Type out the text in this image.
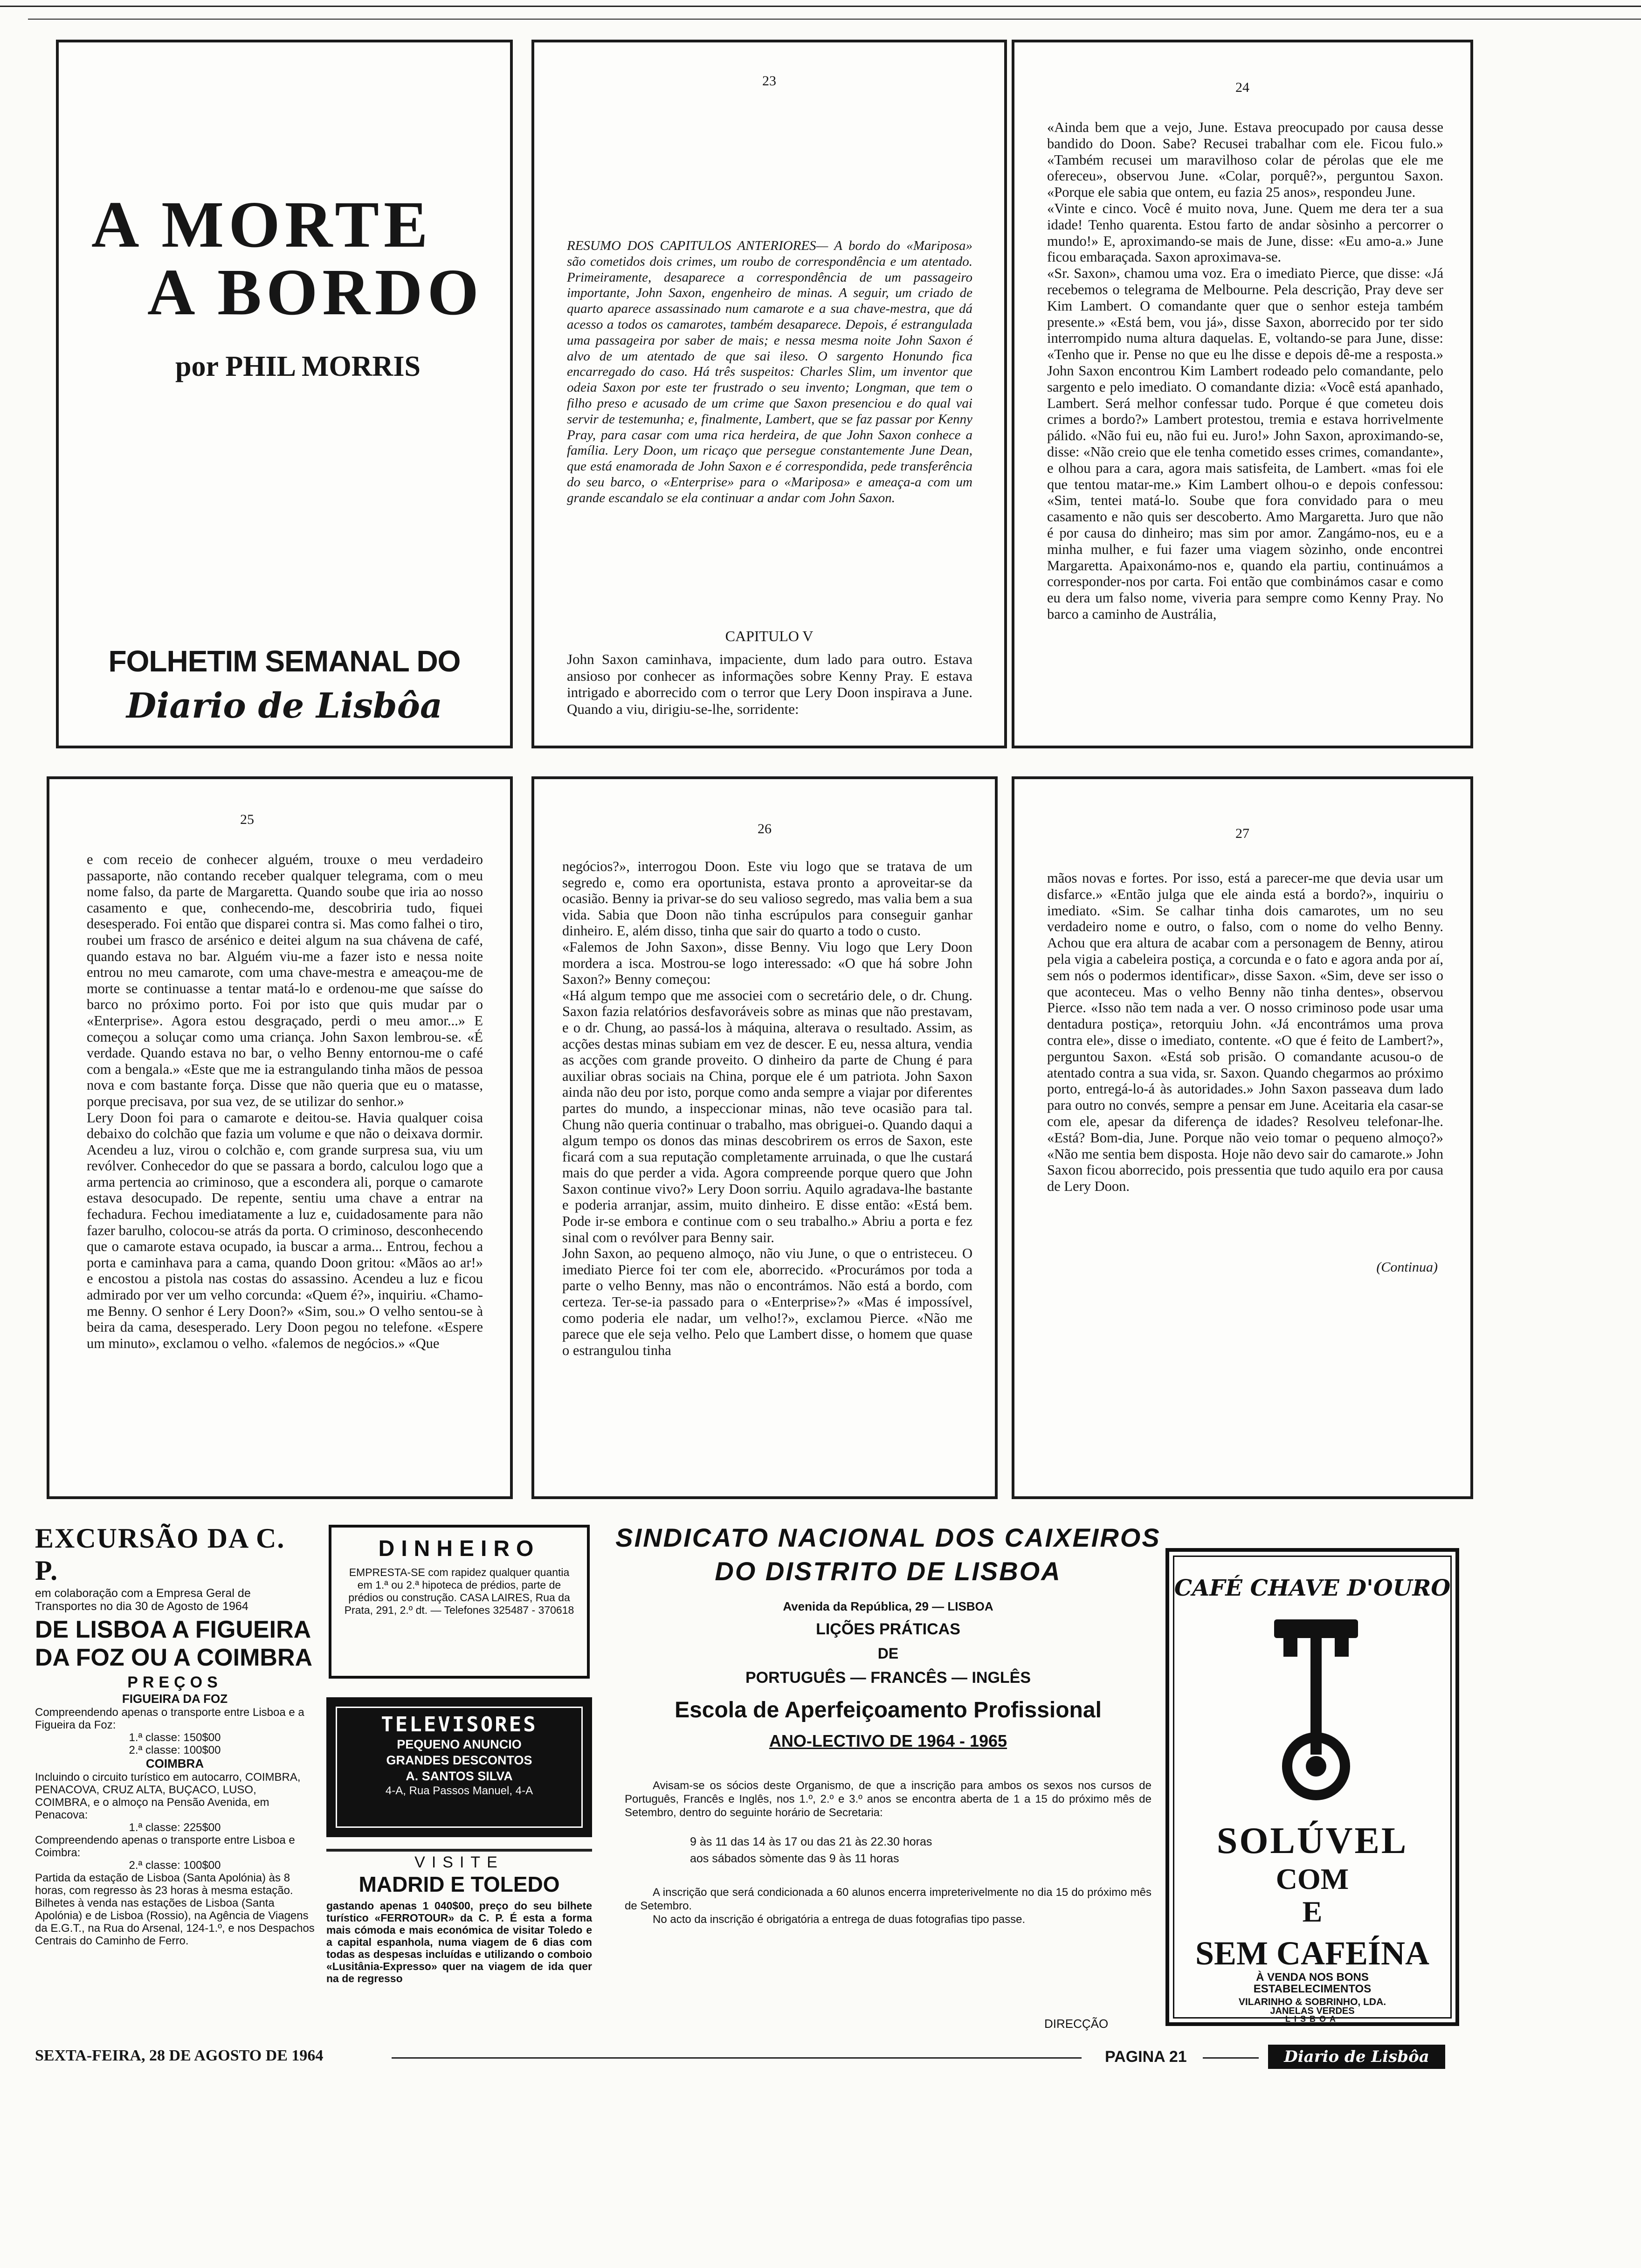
A MORTE
A BORDO
por PHIL MORRIS
FOLHETIM SEMANAL DO
Diario de Lisbôa
23
RESUMO DOS CAPITULOS ANTERIORES— A bordo do «Mariposa» são cometidos dois crimes, um roubo de correspondência e um atentado. Primeiramente, desaparece a correspondência de um passageiro importante, John Saxon, engenheiro de minas. A seguir, um criado de quarto aparece assassinado num camarote e a sua chave-mestra, que dá acesso a todos os camarotes, também desaparece. Depois, é estrangulada uma passageira por saber de mais; e nessa mesma noite John Saxon é alvo de um atentado de que sai ileso. O sargento Honundo fica encarregado do caso. Há três suspeitos: Charles Slim, um inventor que odeia Saxon por este ter frustrado o seu invento; Longman, que tem o filho preso e acusado de um crime que Saxon presenciou e do qual vai servir de testemunha; e, finalmente, Lambert, que se faz passar por Kenny Pray, para casar com uma rica herdeira, de que John Saxon conhece a família. Lery Doon, um ricaço que persegue constantemente June Dean, que está enamorada de John Saxon e é correspondida, pede transferência do seu barco, o «Enterprise» para o «Mariposa» e ameaça-a com um grande escandalo se ela continuar a andar com John Saxon.
CAPITULO V
John Saxon caminhava, impaciente, dum lado para outro. Estava ansioso por conhecer as informações sobre Kenny Pray. E estava intrigado e aborrecido com o terror que Lery Doon inspirava a June. Quando a viu, dirigiu-se-lhe, sorridente:
24
«Ainda bem que a vejo, June. Estava preocupado por causa desse bandido do Doon. Sabe? Recusei trabalhar com ele. Ficou fulo.» «Também recusei um maravilhoso colar de pérolas que ele me ofereceu», observou June. «Colar, porquê?», perguntou Saxon. «Porque ele sabia que ontem, eu fazia 25 anos», respondeu June.
«Vinte e cinco. Você é muito nova, June. Quem me dera ter a sua idade! Tenho quarenta. Estou farto de andar sòsinho a percorrer o mundo!» E, aproximando-se mais de June, disse: «Eu amo-a.» June ficou embaraçada. Saxon aproximava-se.
«Sr. Saxon», chamou uma voz. Era o imediato Pierce, que disse: «Já recebemos o telegrama de Melbourne. Pela descrição, Pray deve ser Kim Lambert. O comandante quer que o senhor esteja também presente.» «Está bem, vou já», disse Saxon, aborrecido por ter sido interrompido numa altura daquelas. E, voltando-se para June, disse: «Tenho que ir. Pense no que eu lhe disse e depois dê-me a resposta.» John Saxon encontrou Kim Lambert rodeado pelo comandante, pelo sargento e pelo imediato. O comandante dizia: «Você está apanhado, Lambert. Será melhor confessar tudo. Porque é que cometeu dois crimes a bordo?» Lambert protestou, tremia e estava horrivelmente pálido. «Não fui eu, não fui eu. Juro!» John Saxon, aproximando-se, disse: «Não creio que ele tenha cometido esses crimes, comandante», e olhou para a cara, agora mais satisfeita, de Lambert. «mas foi ele que tentou matar-me.» Kim Lambert olhou-o e depois confessou: «Sim, tentei matá-lo. Soube que fora convidado para o meu casamento e não quis ser descoberto. Amo Margaretta. Juro que não é por causa do dinheiro; mas sim por amor. Zangámo-nos, eu e a minha mulher, e fui fazer uma viagem sòzinho, onde encontrei Margaretta. Apaixonámo-nos e, quando ela partiu, continuámos a corresponder-nos por carta. Foi então que combinámos casar e como eu dera um falso nome, viveria para sempre como Kenny Pray. No barco a caminho de Austrália,
25
e com receio de conhecer alguém, trouxe o meu verdadeiro passaporte, não contando receber qualquer telegrama, com o meu nome falso, da parte de Margaretta. Quando soube que iria ao nosso casamento e que, conhecendo-me, descobriria tudo, fiquei desesperado. Foi então que disparei contra si. Mas como falhei o tiro, roubei um frasco de arsénico e deitei algum na sua chávena de café, quando estava no bar. Alguém viu-me a fazer isto e nessa noite entrou no meu camarote, com uma chave-mestra e ameaçou-me de morte se continuasse a tentar matá-lo e ordenou-me que saísse do barco no próximo porto. Foi por isto que quis mudar par o «Enterprise». Agora estou desgraçado, perdi o meu amor...» E começou a soluçar como uma criança. John Saxon lembrou-se. «É verdade. Quando estava no bar, o velho Benny entornou-me o café com a bengala.» «Este que me ia estrangulando tinha mãos de pessoa nova e com bastante força. Disse que não queria que eu o matasse, porque precisava, por sua vez, de se utilizar do senhor.»
Lery Doon foi para o camarote e deitou-se. Havia qualquer coisa debaixo do colchão que fazia um volume e que não o deixava dormir. Acendeu a luz, virou o colchão e, com grande surpresa sua, viu um revólver. Conhecedor do que se passara a bordo, calculou logo que a arma pertencia ao criminoso, que a escondera ali, porque o camarote estava desocupado. De repente, sentiu uma chave a entrar na fechadura. Fechou imediatamente a luz e, cuidadosamente para não fazer barulho, colocou-se atrás da porta. O criminoso, desconhecendo que o camarote estava ocupado, ia buscar a arma... Entrou, fechou a porta e caminhava para a cama, quando Doon gritou: «Mãos ao ar!» e encostou a pistola nas costas do assassino. Acendeu a luz e ficou admirado por ver um velho corcunda: «Quem é?», inquiriu. «Chamo-me Benny. O senhor é Lery Doon?» «Sim, sou.» O velho sentou-se à beira da cama, desesperado. Lery Doon pegou no telefone. «Espere um minuto», exclamou o velho. «falemos de negócios.» «Que
26
negócios?», interrogou Doon. Este viu logo que se tratava de um segredo e, como era oportunista, estava pronto a aproveitar-se da ocasião. Benny ia privar-se do seu valioso segredo, mas valia bem a sua vida. Sabia que Doon não tinha escrúpulos para conseguir ganhar dinheiro. E, além disso, tinha que sair do quarto a todo o custo.
«Falemos de John Saxon», disse Benny. Viu logo que Lery Doon mordera a isca. Mostrou-se logo interessado: «O que há sobre John Saxon?» Benny começou:
«Há algum tempo que me associei com o secretário dele, o dr. Chung. Saxon fazia relatórios desfavoráveis sobre as minas que não prestavam, e o dr. Chung, ao passá-los à máquina, alterava o resultado. Assim, as acções destas minas subiam em vez de descer. E eu, nessa altura, vendia as acções com grande proveito. O dinheiro da parte de Chung é para auxiliar obras sociais na China, porque ele é um patriota. John Saxon ainda não deu por isto, porque como anda sempre a viajar por diferentes partes do mundo, a inspeccionar minas, não teve ocasião para tal. Chung não queria continuar o trabalho, mas obriguei-o. Quando daqui a algum tempo os donos das minas descobrirem os erros de Saxon, este ficará com a sua reputação completamente arruinada, o que lhe custará mais do que perder a vida. Agora compreende porque quero que John Saxon continue vivo?» Lery Doon sorriu. Aquilo agradava-lhe bastante e poderia arranjar, assim, muito dinheiro. E disse então: «Está bem. Pode ir-se embora e continue com o seu trabalho.» Abriu a porta e fez sinal com o revólver para Benny sair.
John Saxon, ao pequeno almoço, não viu June, o que o entristeceu. O imediato Pierce foi ter com ele, aborrecido. «Procurámos por toda a parte o velho Benny, mas não o encontrámos. Não está a bordo, com certeza. Ter-se-ia passado para o «Enterprise»?» «Mas é impossível, como poderia ele nadar, um velho!?», exclamou Pierce. «Não me parece que ele seja velho. Pelo que Lambert disse, o homem que quase o estrangulou tinha
27
mãos novas e fortes. Por isso, está a parecer-me que devia usar um disfarce.» «Então julga que ele ainda está a bordo?», inquiriu o imediato. «Sim. Se calhar tinha dois camarotes, um no seu verdadeiro nome e outro, o falso, com o nome do velho Benny. Achou que era altura de acabar com a personagem de Benny, atirou pela vigia a cabeleira postiça, a corcunda e o fato e agora anda por aí, sem nós o podermos identificar», disse Saxon. «Sim, deve ser isso o que aconteceu. Mas o velho Benny não tinha dentes», observou Pierce. «Isso não tem nada a ver. O nosso criminoso pode usar uma dentadura postiça», retorquiu John. «Já encontrámos uma prova contra ele», disse o imediato, contente. «O que é feito de Lambert?», perguntou Saxon. «Está sob prisão. O comandante acusou-o de atentado contra a sua vida, sr. Saxon. Quando chegarmos ao próximo porto, entregá-lo-á às autoridades.» John Saxon passeava dum lado para outro no convés, sempre a pensar em June. Aceitaria ela casar-se com ele, apesar da diferença de idades? Resolveu telefonar-lhe. «Está? Bom-dia, June. Porque não veio tomar o pequeno almoço?» «Não me sentia bem disposta. Hoje não devo sair do camarote.» John Saxon ficou aborrecido, pois pressentia que tudo aquilo era por causa de Lery Doon.
(Continua)
EXCURSÃO DA C. P.
em colaboração com a Empresa Geral de Transportes no dia 30 de Agosto de 1964
DE LISBOA A FIGUEIRA DA FOZ OU A COIMBRA
PREÇOS
FIGUEIRA DA FOZ
Compreendendo apenas o transporte entre Lisboa e a Figueira da Foz:
1.ª classe: 150$00
2.ª classe: 100$00
COIMBRA
Incluindo o circuito turístico em autocarro, COIMBRA, PENACOVA, CRUZ ALTA, BUÇACO, LUSO, COIMBRA, e o almoço na Pensão Avenida, em Penacova:
1.ª classe: 225$00
Compreendendo apenas o transporte entre Lisboa e Coimbra:
2.ª classe: 100$00
Partida da estação de Lisboa (Santa Apolónia) às 8 horas, com regresso às 23 horas à mesma estação.
Bilhetes à venda nas estações de Lisboa (Santa Apolónia) e de Lisboa (Rossio), na Agência de Viagens da E.G.T., na Rua do Arsenal, 124-1.º, e nos Despachos Centrais do Caminho de Ferro.
DINHEIRO
EMPRESTA-SE com rapidez qualquer quantia em 1.ª ou 2.ª hipoteca de prédios, parte de prédios ou construção. CASA LAIRES, Rua da Prata, 291, 2.º dt. — Telefones 325487 - 370618
TELEVISORES
PEQUENO ANUNCIO
GRANDES DESCONTOS
A. SANTOS SILVA
4-A, Rua Passos Manuel, 4-A
VISITE
MADRID E TOLEDO
gastando apenas 1 040$00, preço do seu bilhete turístico «FERROTOUR» da C. P. É esta a forma mais cómoda e mais económica de visitar Toledo e a capital espanhola, numa viagem de 6 dias com todas as despesas incluídas e utilizando o comboio «Lusitânia-Expresso» quer na viagem de ida quer na de regresso
SINDICATO NACIONAL DOS CAIXEIROS
DO DISTRITO DE LISBOA
Avenida da República, 29 — LISBOA
LIÇÕES PRÁTICAS
DE
PORTUGUÊS — FRANCÊS — INGLÊS
Escola de Aperfeiçoamento Profissional
ANO-LECTIVO DE 1964 - 1965
Avisam-se os sócios deste Organismo, de que a inscrição para ambos os sexos nos cursos de Português, Francês e Inglês, nos 1.º, 2.º e 3.º anos se encontra aberta de 1 a 15 do próximo mês de Setembro, dentro do seguinte horário de Secretaria:
9 às 11 das 14 às 17 ou das 21 às 22.30 horas
aos sábados sòmente das 9 às 11 horas
A inscrição que será condicionada a 60 alunos encerra impreterivelmente no dia 15 do próximo mês de Setembro.
No acto da inscrição é obrigatória a entrega de duas fotografias tipo passe.
DIRECÇÃO
CAFÉ CHAVE D'OURO
SOLÚVEL
COM
E
SEM CAFEÍNA
À VENDA NOS BONS ESTABELECIMENTOS
VILARINHO & SOBRINHO, LDA.
JANELAS VERDES
LISBOA
SEXTA-FEIRA, 28 DE AGOSTO DE 1964	PAGINA 21	Diario de Lisbôa
